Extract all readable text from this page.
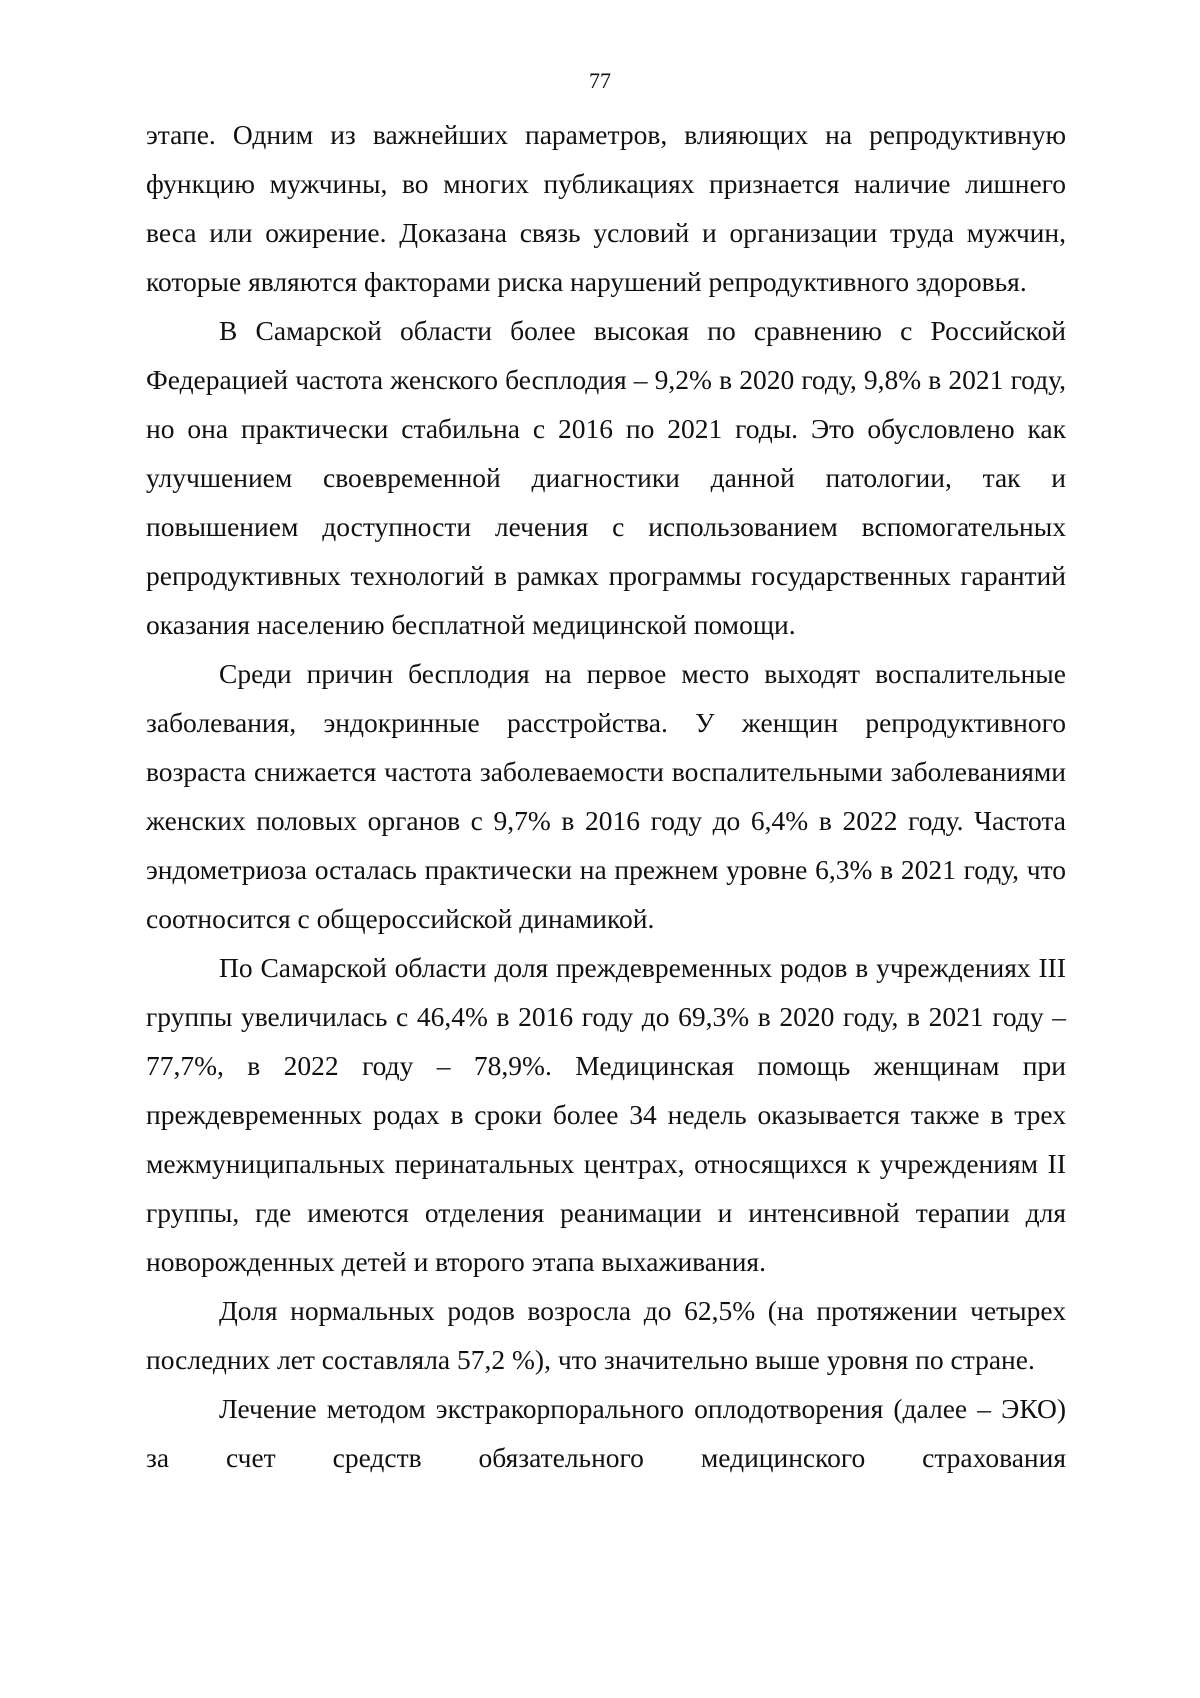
77

этапе. Одним из важнейших параметров, влияющих на репродуктивную функцию мужчины, во многих публикациях признается наличие лишнего веса или ожирение. Доказана связь условий и организации труда мужчин, которые являются факторами риска нарушений репродуктивного здоровья.

В Самарской области более высокая по сравнению с Российской Федерацией частота женского бесплодия – 9,2% в 2020 году, 9,8% в 2021 году, но она практически стабильна с 2016 по 2021 годы. Это обусловлено как улучшением своевременной диагностики данной патологии, так и повышением доступности лечения с использованием вспомогательных репродуктивных технологий в рамках программы государственных гарантий оказания населению бесплатной медицинской помощи.

Среди причин бесплодия на первое место выходят воспалительные заболевания, эндокринные расстройства. У женщин репродуктивного возраста снижается частота заболеваемости воспалительными заболеваниями женских половых органов с 9,7% в 2016 году до 6,4% в 2022 году. Частота эндометриоза осталась практически на прежнем уровне 6,3% в 2021 году, что соотносится с общероссийской динамикой.

По Самарской области доля преждевременных родов в учреждениях III группы увеличилась с 46,4% в 2016 году до 69,3% в 2020 году, в 2021 году – 77,7%, в 2022 году – 78,9%. Медицинская помощь женщинам при преждевременных родах в сроки более 34 недель оказывается также в трех межмуниципальных перинатальных центрах, относящихся к учреждениям II группы, где имеются отделения реанимации и интенсивной терапии для новорожденных детей и второго этапа выхаживания.

Доля нормальных родов возросла до 62,5% (на протяжении четырех последних лет составляла 57,2 %), что значительно выше уровня по стране.

Лечение методом экстракорпорального оплодотворения (далее – ЭКО) за счет средств обязательного медицинского страхования
